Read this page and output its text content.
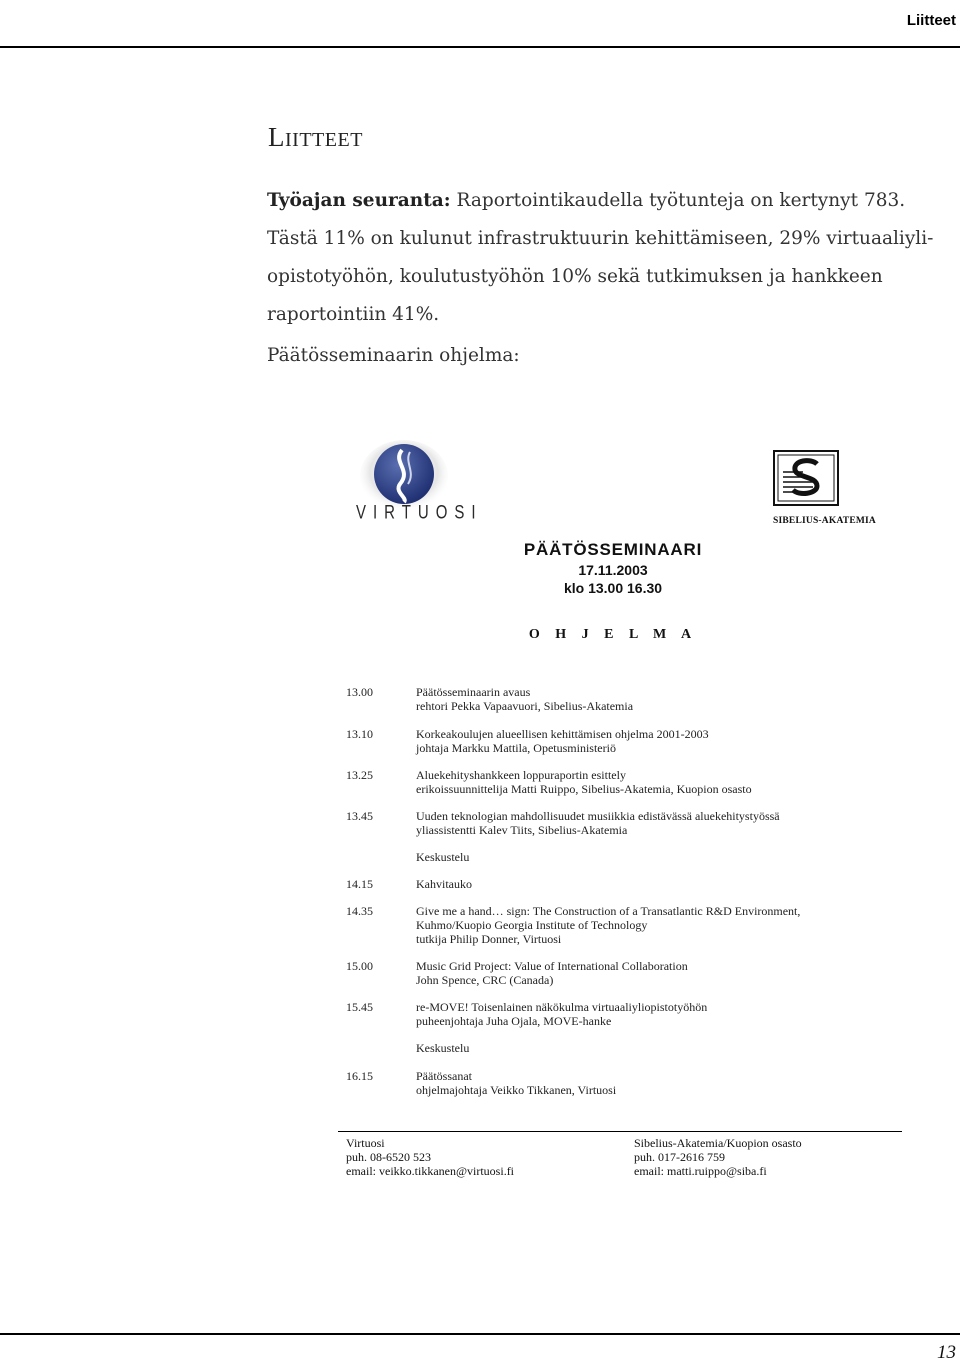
Liitteet
LIITTEET
Työajan seuranta: Raportointikaudella työtunteja on kertynyt 783.
Tästä 11% on kulunut infrastruktuurin kehittämiseen, 29% virtuaaliyli-
opistotyöhön, koulutustyöhön 10% sekä tutkimuksen ja hankkeen
raportointiin 41%.
Päätösseminaarin ohjelma:
VIRTUOSI	SIBELIUS-AKATEMIA
PÄÄTÖSSEMINAARI
17.11.2003
klo 13.00 16.30
O H J E L M A
13.00	Päätösseminaarin avaus
rehtori Pekka Vapaavuori, Sibelius-Akatemia
13.10	Korkeakoulujen alueellisen kehittämisen ohjelma 2001-2003
johtaja Markku Mattila, Opetusministeriö
13.25	Aluekehityshankkeen loppuraportin esittely
erikoissuunnittelija Matti Ruippo, Sibelius-Akatemia, Kuopion osasto
13.45	Uuden teknologian mahdollisuudet musiikkia edistävässä aluekehitystyössä
yliassistentti Kalev Tiits, Sibelius-Akatemia
Keskustelu
14.15	Kahvitauko
14.35	Give me a hand… sign: The Construction of a Transatlantic R&D Environment,
Kuhmo/Kuopio Georgia Institute of Technology
tutkija Philip Donner, Virtuosi
15.00	Music Grid Project: Value of International Collaboration
John Spence, CRC (Canada)
15.45	re-MOVE! Toisenlainen näkökulma virtuaaliyliopistotyöhön
puheenjohtaja Juha Ojala, MOVE-hanke
Keskustelu
16.15	Päätössanat
ohjelmajohtaja Veikko Tikkanen, Virtuosi
Virtuosi
puh. 08-6520 523
email: veikko.tikkanen@virtuosi.fi
Sibelius-Akatemia/Kuopion osasto
puh. 017-2616 759
email: matti.ruippo@siba.fi
13
